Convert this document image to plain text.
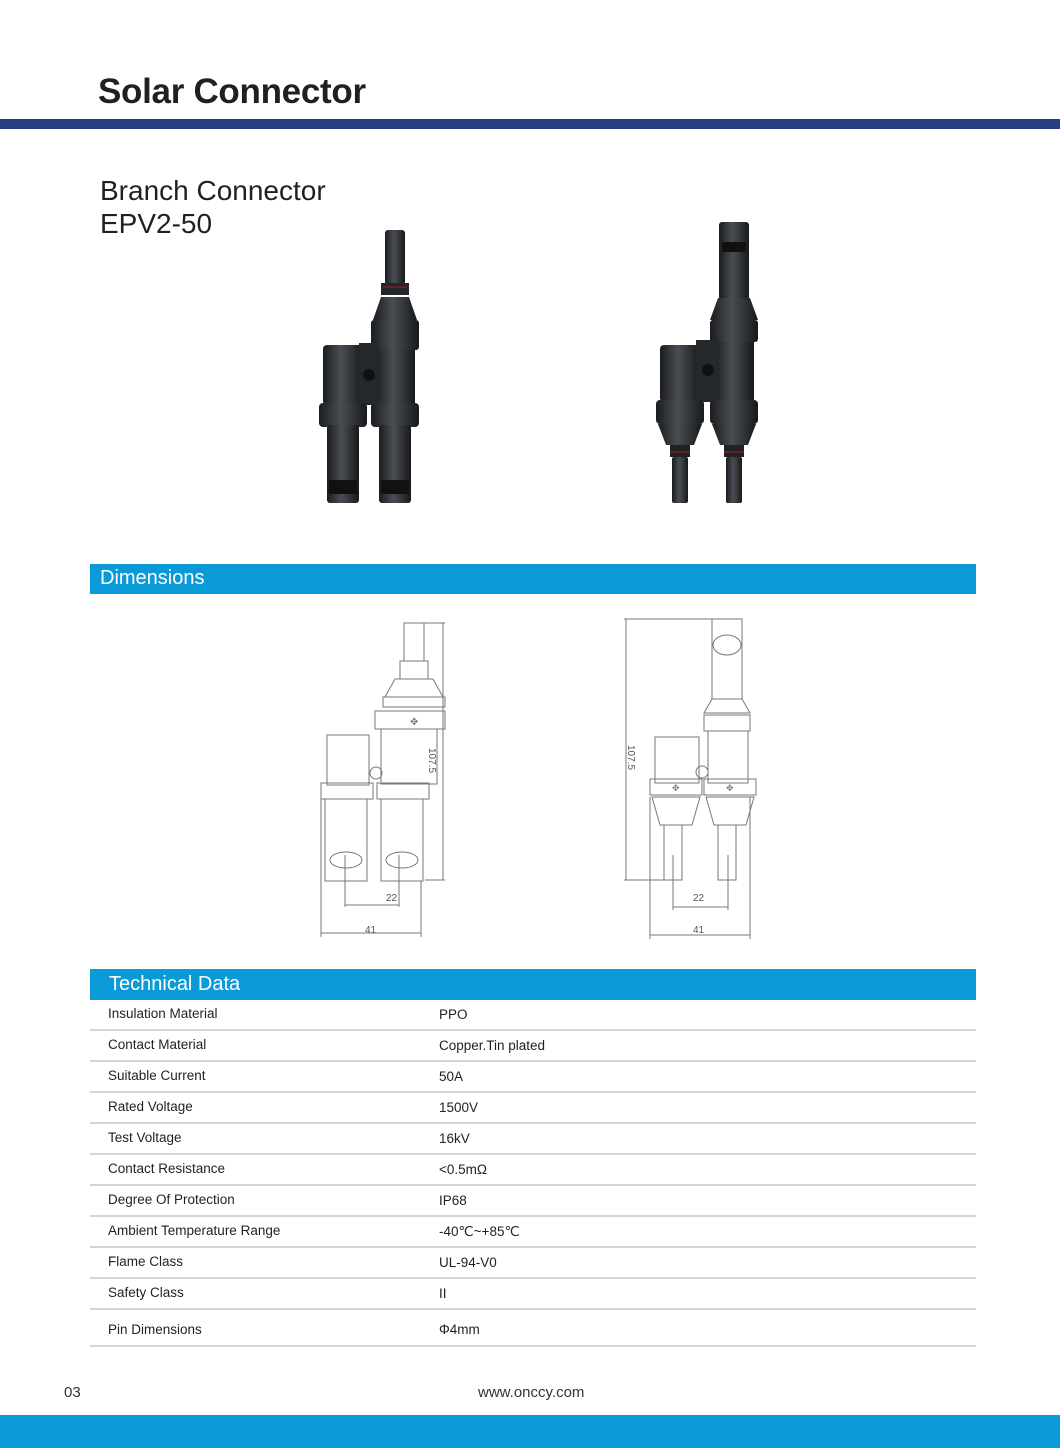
Solar Connector
Branch Connector
EPV2-50
Dimensions
✥
107.5
22
41
✥	✥
107.5
22
41
Technical Data
Insulation Material	PPO
Contact Material	Copper.Tin plated
Suitable Current	50A
Rated Voltage	1500V
Test Voltage	16kV
Contact Resistance	<0.5mΩ
Degree Of Protection	IP68
Ambient Temperature Range	-40℃~+85℃
Flame Class	UL-94-V0
Safety Class	II
Pin Dimensions	Φ4mm
03	www.onccy.com
